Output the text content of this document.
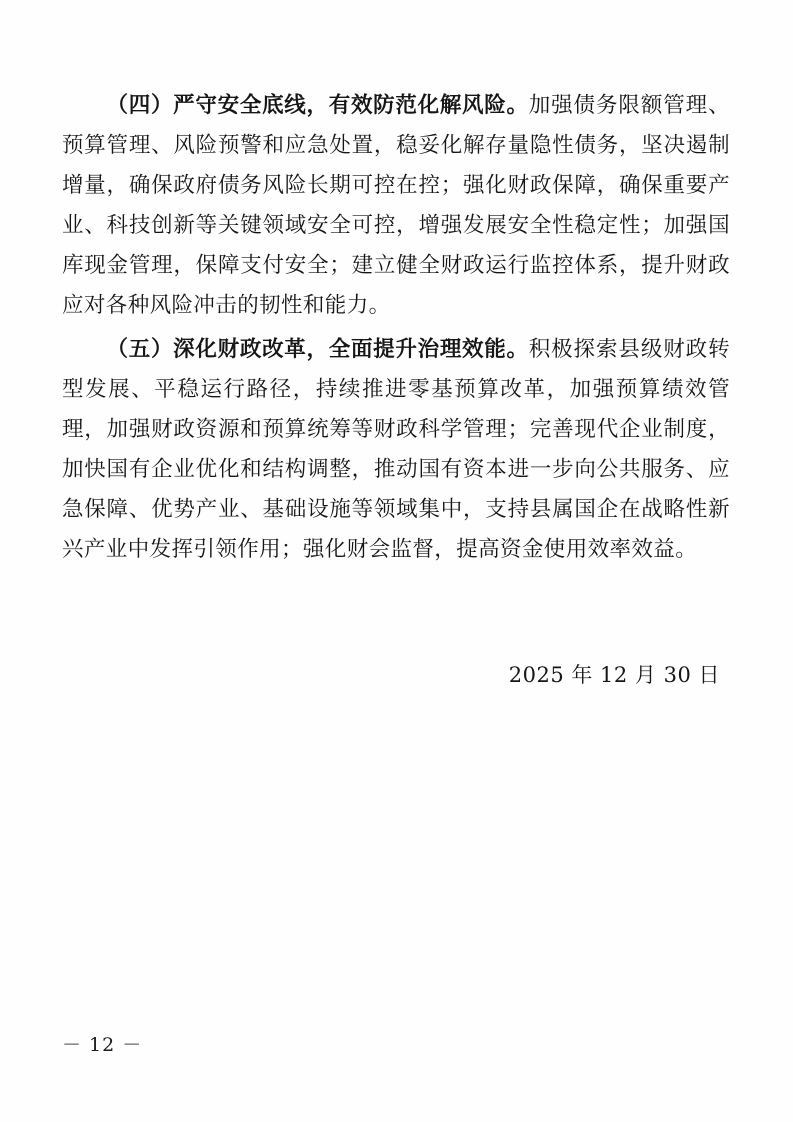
（四）严守安全底线，有效防范化解风险。加强债务限额管理、预算管理、风险预警和应急处置，稳妥化解存量隐性债务，坚决遏制增量，确保政府债务风险长期可控在控；强化财政保障，确保重要产业、科技创新等关键领域安全可控，增强发展安全性稳定性；加强国库现金管理，保障支付安全；建立健全财政运行监控体系，提升财政应对各种风险冲击的韧性和能力。

（五）深化财政改革，全面提升治理效能。积极探索县级财政转型发展、平稳运行路径，持续推进零基预算改革，加强预算绩效管理，加强财政资源和预算统筹等财政科学管理；完善现代企业制度，加快国有企业优化和结构调整，推动国有资本进一步向公共服务、应急保障、优势产业、基础设施等领域集中，支持县属国企在战略性新兴产业中发挥引领作用；强化财会监督，提高资金使用效率效益。

2025 年 12 月 30 日
－ 12 －
